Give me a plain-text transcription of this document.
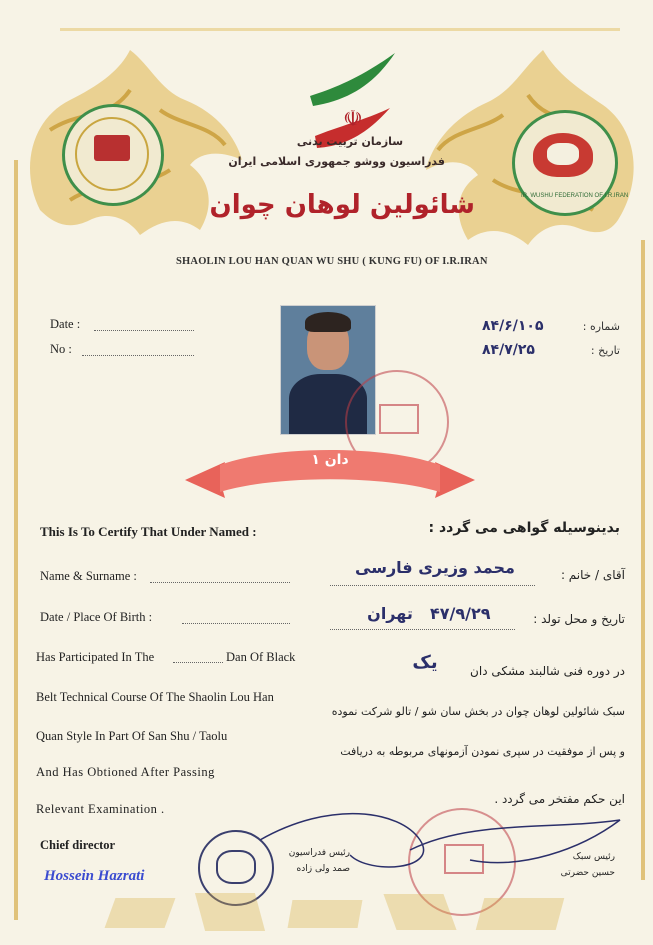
IR. WUSHU FEDERATION OF I.R.IRAN
☫
سازمان تربیت بدنی
فدراسیون ووشو جمهوری اسلامی ایران
شائولین لوهان چوان
SHAOLIN LOU HAN QUAN WU SHU ( KUNG FU) OF I.R.IRAN
Date :
No :
شماره :
۸۴/۶/۱۰۵
تاریخ :
۸۴/۷/۲۵
دان ۱
This Is To Certify That Under Named :
Name & Surname :
Date / Place Of Birth :
Has Participated In The	Dan Of Black
Belt Technical Course Of The Shaolin Lou Han
Quan Style In Part Of San Shu / Taolu
And Has Obtioned After Passing
Relevant Examination .
بدینوسیله گواهی می گردد :
آقای / خانم :
محمد وزیری فارسی
تاریخ و محل تولد :
۴۷/۹/۲۹
تهران
در دوره فنی شالبند مشکی دان
یک
سبک شائولین لوهان چوان در بخش سان شو / تالو شرکت نموده
و پس از موفقیت در سپری نمودن آزمونهای مربوطه به دریافت
این حکم مفتخر می گردد .
Chief director
Hossein Hazrati
رئیس فدراسیون
صمد ولی زاده
رئیس سبک
حسین حضرتی
